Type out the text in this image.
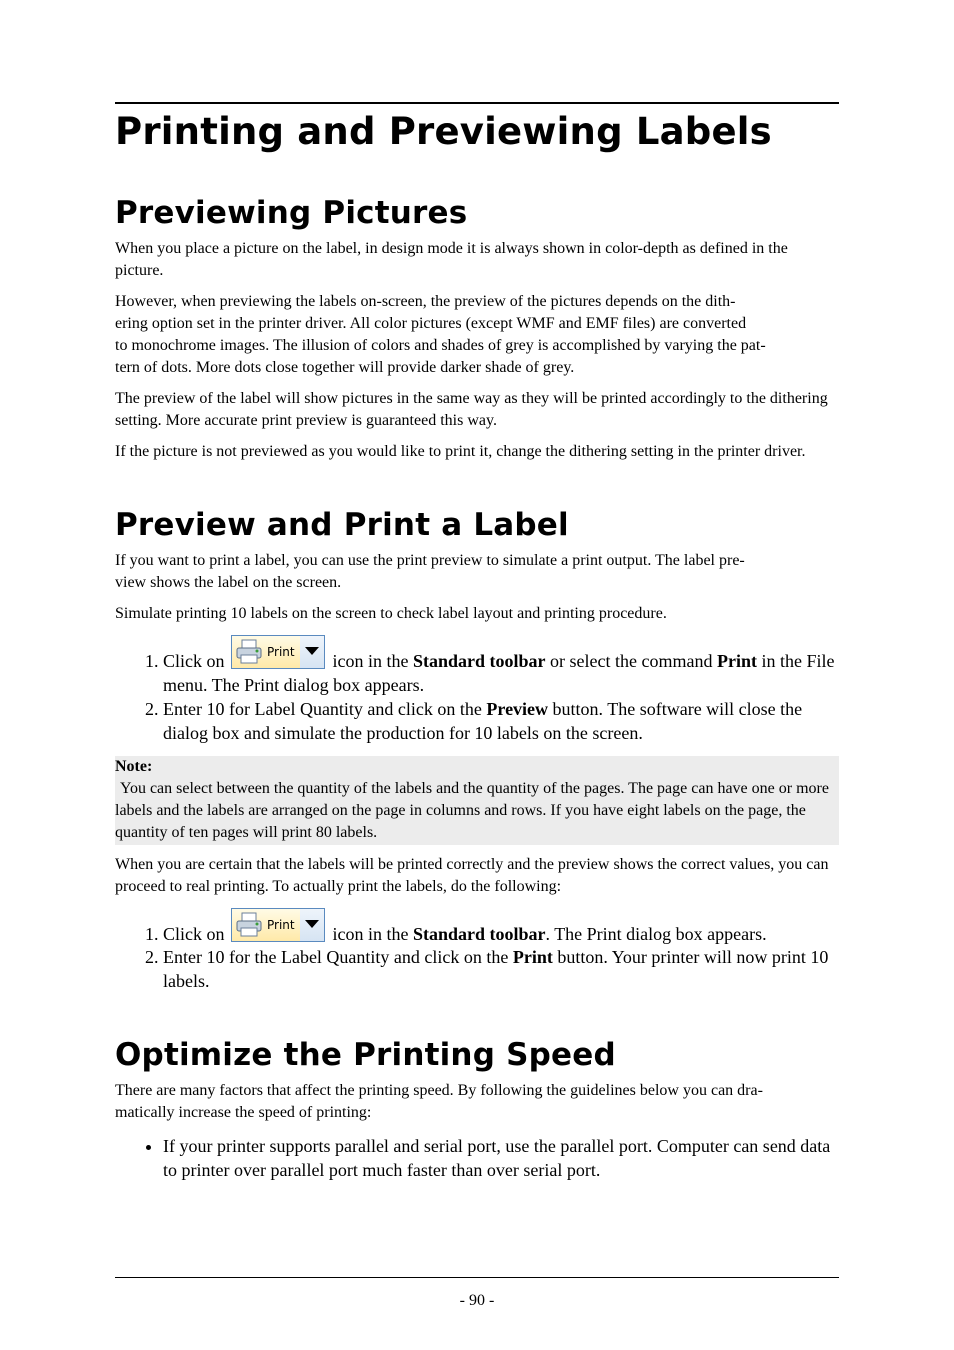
Printing and Previewing Labels
Previewing Pictures

When you place a picture on the label, in design mode it is always shown in color-depth as defined in the picture.

However, when previewing the labels on-screen, the preview of the pictures depends on the dith-
ering option set in the printer driver. All color pictures (except WMF and EMF files) are converted
to monochrome images. The illusion of colors and shades of grey is accomplished by varying the pat-
tern of dots. More dots close together will provide darker shade of grey.

The preview of the label will show pictures in the same way as they will be printed accordingly to the dithering setting. More accurate print preview is guaranteed this way.

If the picture is not previewed as you would like to print it, change the dithering setting in the printer driver.

Preview and Print a Label

If you want to print a label, you can use the print preview to simulate a print output. The label pre-
view shows the label on the screen.

Simulate printing 10 labels on the screen to check label layout and printing procedure.

1. Click on	Print icon in the Standard toolbar or select the command Print in the File menu. The Print dialog box appears.
2. Enter 10 for Label Quantity and click on the Preview button. The software will close the dialog box and simulate the production for 10 labels on the screen.

Note:

You can select between the quantity of the labels and the quantity of the pages. The page can have one or more labels and the labels are arranged on the page in columns and rows. If you have eight labels on the page, the quantity of ten pages will print 80 labels.

When you are certain that the labels will be printed correctly and the preview shows the correct values, you can proceed to real printing. To actually print the labels, do the following:

1. Click on	Print icon in the Standard toolbar. The Print dialog box appears.
2. Enter 10 for the Label Quantity and click on the Print button. Your printer will now print 10 labels.
Optimize the Printing Speed

There are many factors that affect the printing speed. By following the guidelines below you can dra-
matically increase the speed of printing:

• If your printer supports parallel and serial port, use the parallel port. Computer can send data to printer over parallel port much faster than over serial port.
- 90 -
